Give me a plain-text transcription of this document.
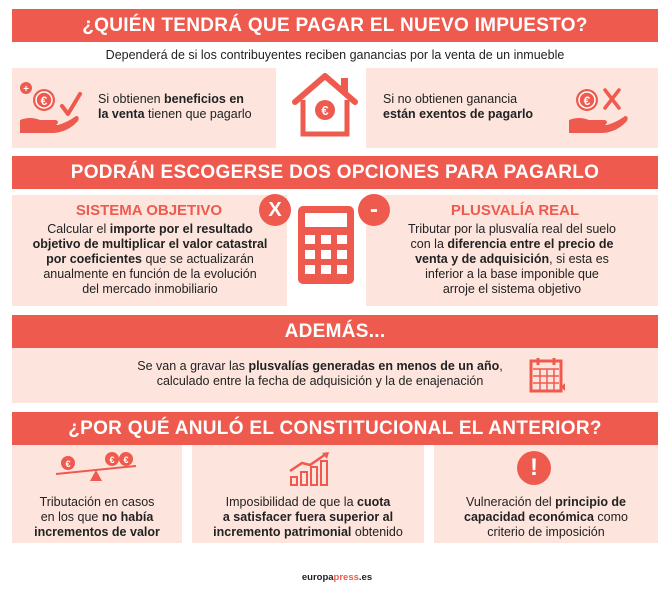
¿QUIÉN TENDRÁ QUE PAGAR EL NUEVO IMPUESTO?
Dependerá de si los contribuyentes reciben ganancias por la venta de un inmueble
+
€	Si obtienen beneficios en
la venta tienen que pagarlo	€
Si no obtienen ganancia
están exentos de pagarlo
€
PODRÁN ESCOGERSE DOS OPCIONES PARA PAGARLO
SISTEMA OBJETIVO
Calcular el importe por el resultado
objetivo de multiplicar el valor catastral
por coeficientes que se actualizarán
anualmente en función de la evolución
del mercado inmobiliario
X	-	PLUSVALÍA REAL
Tributar por la plusvalía real del suelo
con la diferencia entre el precio de
venta y de adquisición, si esta es
inferior a la base imponible que
arroje el sistema objetivo
ADEMÁS...
Se van a gravar las plusvalías generadas en menos de un año,
calculado entre la fecha de adquisición y la de enajenación
¿POR QUÉ ANULÓ EL CONSTITUCIONAL EL ANTERIOR?
€	€ €
Tributación en casos
en los que no había
incrementos de valor
Imposibilidad de que la cuota
a satisfacer fuera superior al
incremento patrimonial obtenido
!
Vulneración del principio de
capacidad económica como
criterio de imposición
europapress.es
